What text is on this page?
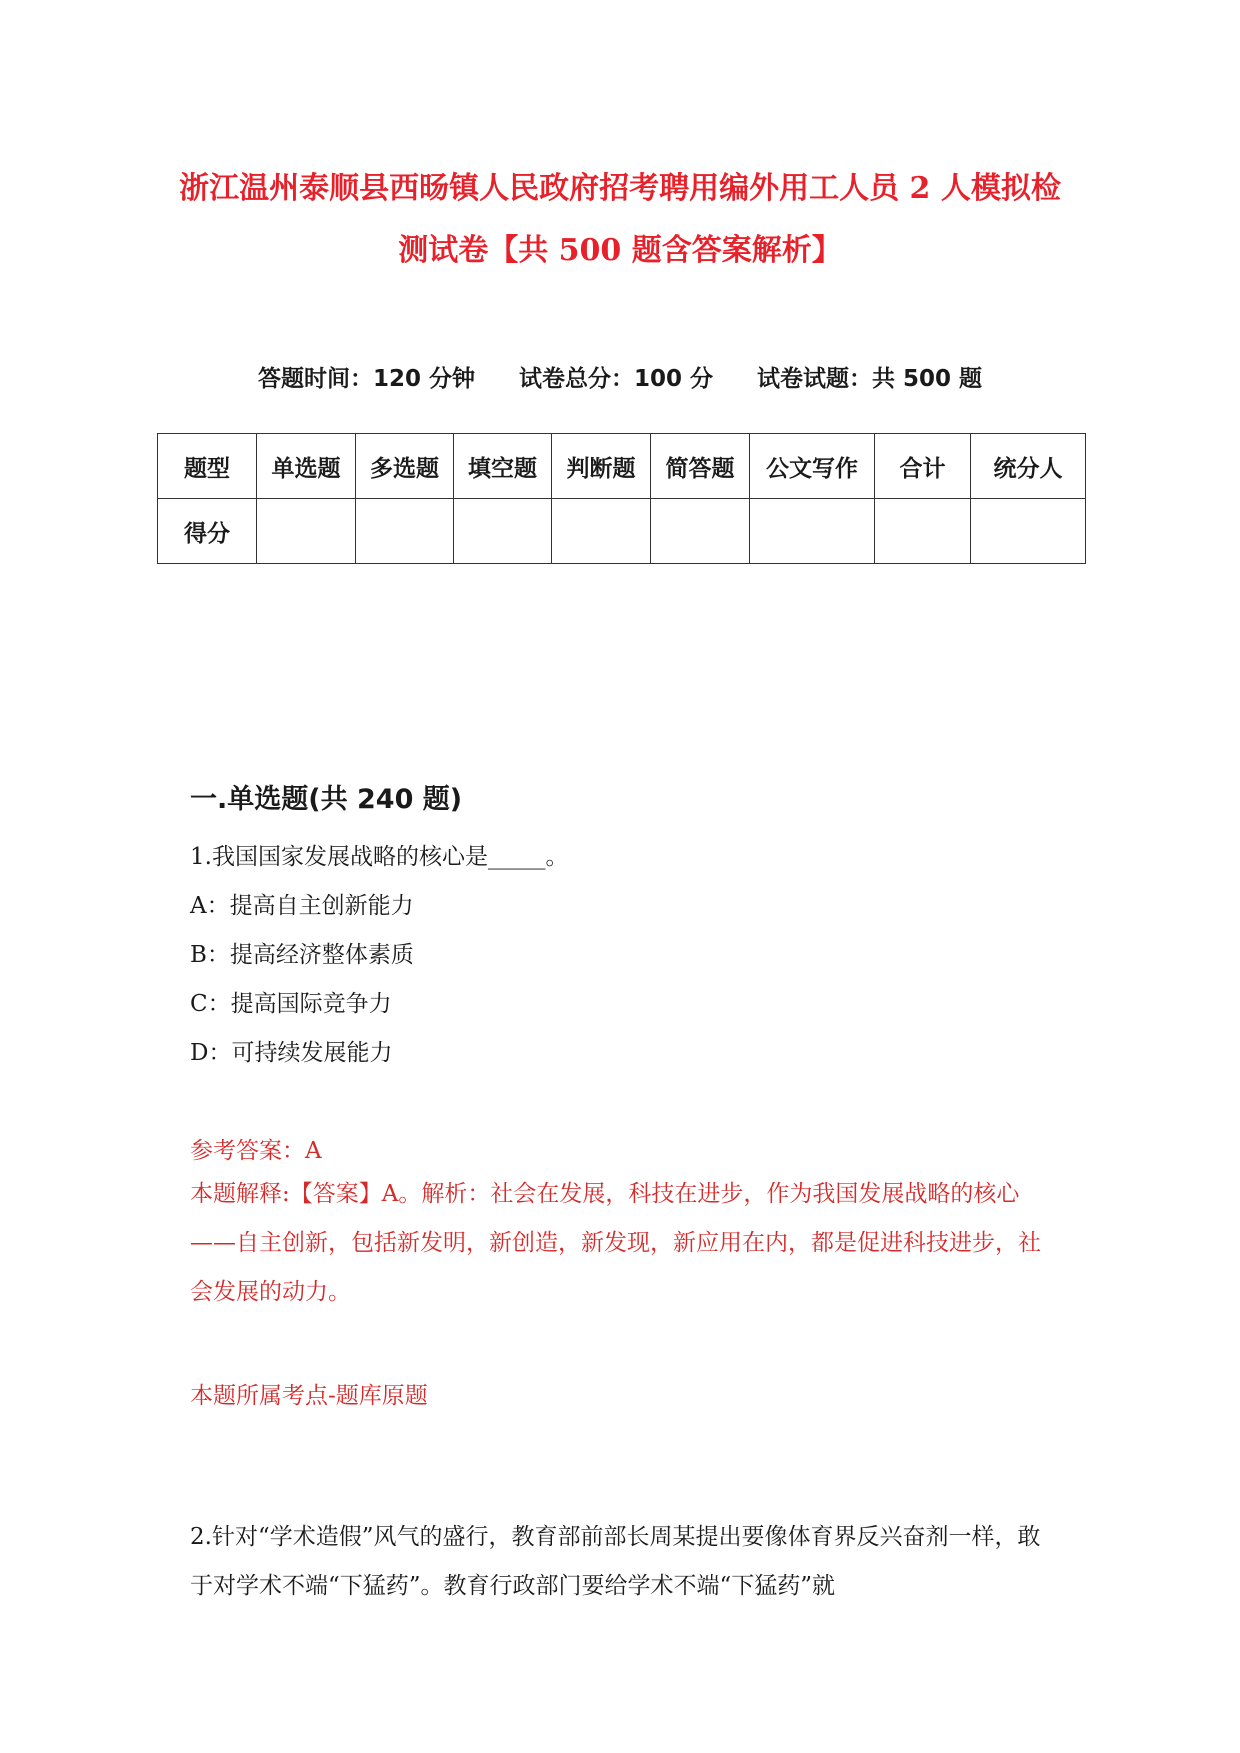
浙江温州泰顺县西旸镇人民政府招考聘用编外用工人员 2 人模拟检
测试卷【共 500 题含答案解析】
答题时间：120 分钟 试卷总分：100 分 试卷试题：共 500 题
题型	单选题	多选题	填空题	判断题	简答题	公文写作	合计	统分人
得分								
一.单选题(共 240 题)
1.我国国家发展战略的核心是_____。
A：提高自主创新能力
B：提高经济整体素质
C：提高国际竞争力
D：可持续发展能力
参考答案：A
本题解释:【答案】A。解析：社会在发展，科技在进步，作为我国发展战略的核心——自主创新，包括新发明，新创造，新发现，新应用在内，都是促进科技进步，社会发展的动力。
本题所属考点-题库原题
2.针对“学术造假”风气的盛行，教育部前部长周某提出要像体育界反兴奋剂一样，敢于对学术不端“下猛药”。教育行政部门要给学术不端“下猛药”就
